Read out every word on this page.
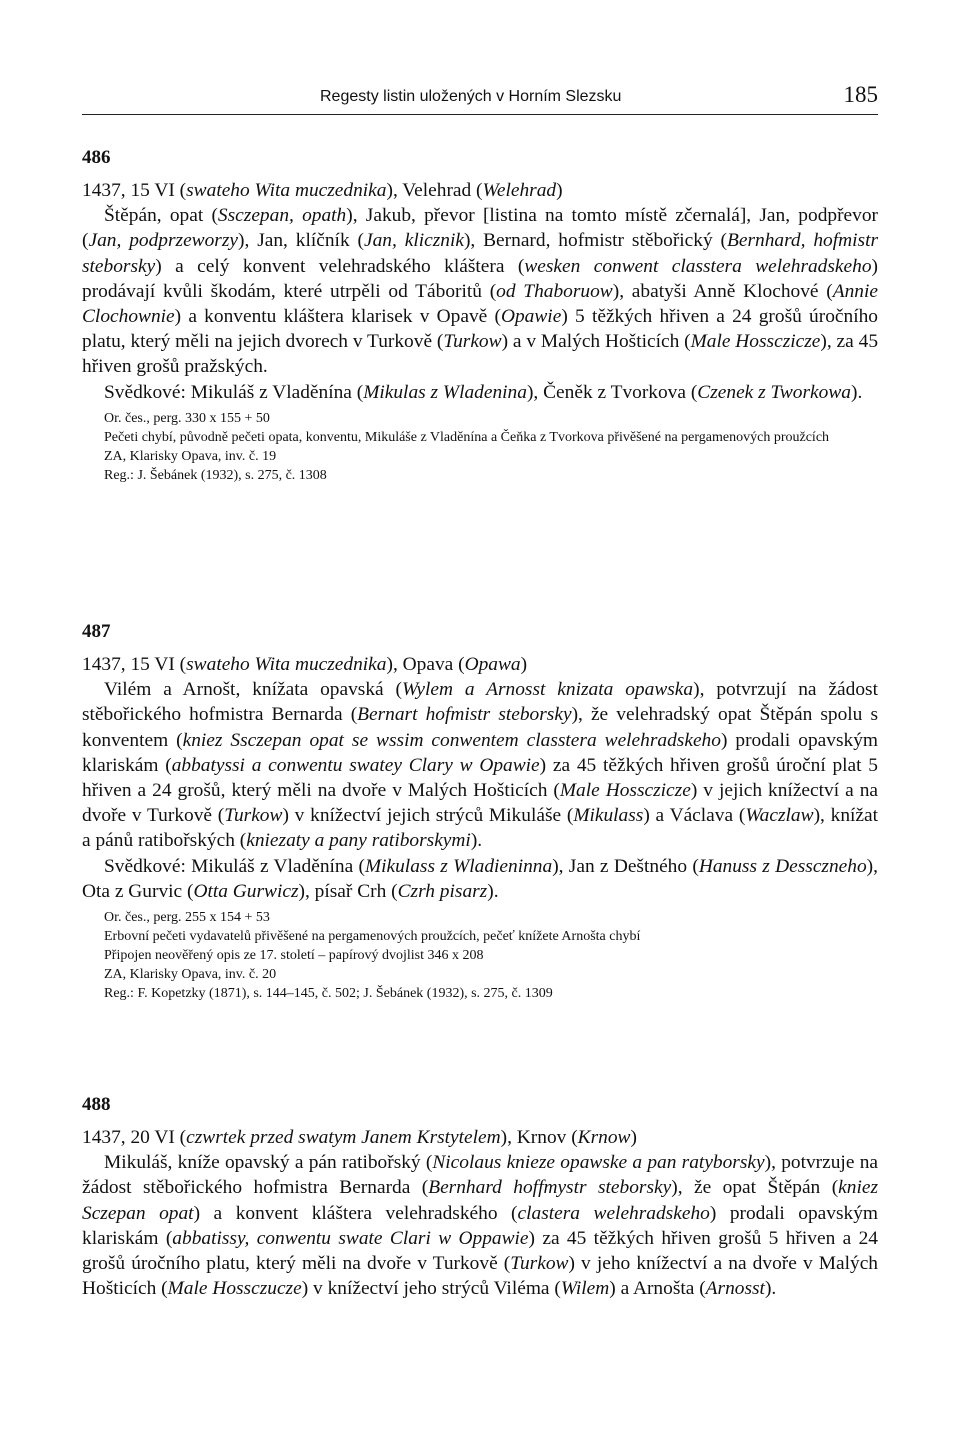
Regesty listin uložených v Horním Slezsku	185
486
1437, 15 VI (swateho Wita muczednika), Velehrad (Welehrad)
Štěpán, opat (Ssczepan, opath), Jakub, převor [listina na tomto místě zčernalá], Jan, podpřevor (Jan, podprzeworzy), Jan, klíčník (Jan, klicznik), Bernard, hofmistr stěbořický (Bernhard, hofmistr steborsky) a celý konvent velehradského kláštera (wesken conwent classtera welehradskeho) prodávají kvůli škodám, které utrpěli od Táboritů (od Thaboruow), abatyši Anně Klochové (Annie Clochownie) a konventu kláštera klarisek v Opavě (Opawie) 5 těžkých hřiven a 24 grošů úročního platu, který měli na jejich dvorech v Turkově (Turkow) a v Malých Hošticích (Male Hossczicze), za 45 hřiven grošů pražských.
Svědkové: Mikuláš z Vladěnína (Mikulas z Wladenina), Čeněk z Tvorkova (Czenek z Tworkowa).
Or. čes., perg. 330 x 155 + 50
Pečeti chybí, původně pečeti opata, konventu, Mikuláše z Vladěnína a Čeňka z Tvorkova přivěšené na pergamenových proužcích
ZA, Klarisky Opava, inv. č. 19
Reg.: J. Šebánek (1932), s. 275, č. 1308
487
1437, 15 VI (swateho Wita muczednika), Opava (Opawa)
Vilém a Arnošt, knížata opavská (Wylem a Arnosst knizata opawska), potvrzují na žádost stěbořického hofmistra Bernarda (Bernart hofmistr steborsky), že velehradský opat Štěpán spolu s konventem (kniez Ssczepan opat se wssim conwentem classtera welehradskeho) prodali opavským klariskám (abbatyssi a conwentu swatey Clary w Opawie) za 45 těžkých hřiven grošů úroční plat 5 hřiven a 24 grošů, který měli na dvoře v Malých Hošticích (Male Hossczicze) v jejich knížectví a na dvoře v Turkově (Turkow) v knížectví jejich strýců Mikuláše (Mikulass) a Václava (Waczlaw), knížat a pánů ratibořských (kniezaty a pany ratiborskymi).
Svědkové: Mikuláš z Vladěnína (Mikulass z Wladieninna), Jan z Deštného (Hanuss z Dessczneho), Ota z Gurvic (Otta Gurwicz), písař Crh (Czrh pisarz).
Or. čes., perg. 255 x 154 + 53
Erbovní pečeti vydavatelů přivěšené na pergamenových proužcích, pečeť knížete Arnošta chybí
Připojen neověřený opis ze 17. století – papírový dvojlist 346 x 208
ZA, Klarisky Opava, inv. č. 20
Reg.: F. Kopetzky (1871), s. 144–145, č. 502; J. Šebánek (1932), s. 275, č. 1309
488
1437, 20 VI (czwrtek przed swatym Janem Krstytelem), Krnov (Krnow)
Mikuláš, kníže opavský a pán ratibořský (Nicolaus knieze opawske a pan ratyborsky), potvrzuje na žádost stěbořického hofmistra Bernarda (Bernhard hoffmystr steborsky), že opat Štěpán (kniez Sczepan opat) a konvent kláštera velehradského (clastera welehradskeho) prodali opavským klariskám (abbatissy, conwentu swate Clari w Oppawie) za 45 těžkých hřiven grošů 5 hřiven a 24 grošů úročního platu, který měli na dvoře v Turkově (Turkow) v jeho knížectví a na dvoře v Malých Hošticích (Male Hossczucze) v knížectví jeho strýců Viléma (Wilem) a Arnošta (Arnosst).
